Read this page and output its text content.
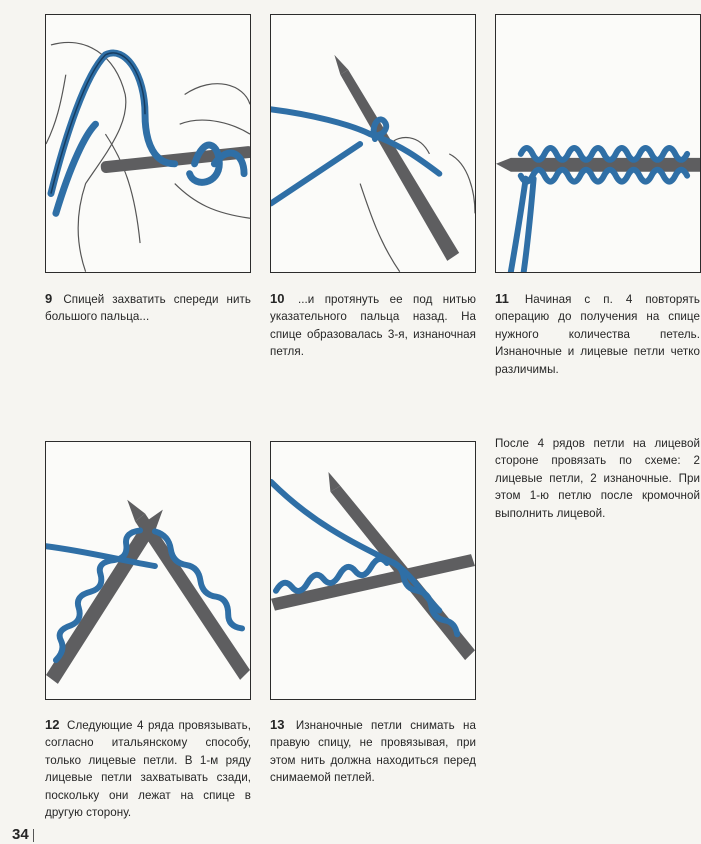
9 Спицей захватить спереди нить большого пальца...
10 ...и протянуть ее под нитью указательного пальца назад. На спице образовалась 3-я, изнаночная петля.
11 Начиная с п. 4 повторять операцию до получения на спице нужного количества петель. Изнаночные и лицевые петли четко различимы.
После 4 рядов петли на лицевой стороне провязать по схеме: 2 лицевые петли, 2 изнаночные. При этом 1-ю петлю после кромочной выполнить лицевой.
12 Следующие 4 ряда провязывать, согласно итальянскому способу, только лицевые петли. В 1-м ряду лицевые петли захватывать сзади, поскольку они лежат на спице в другую сторону.
13 Изнаночные петли снимать на правую спицу, не провязывая, при этом нить должна находиться перед снимаемой петлей.
34
